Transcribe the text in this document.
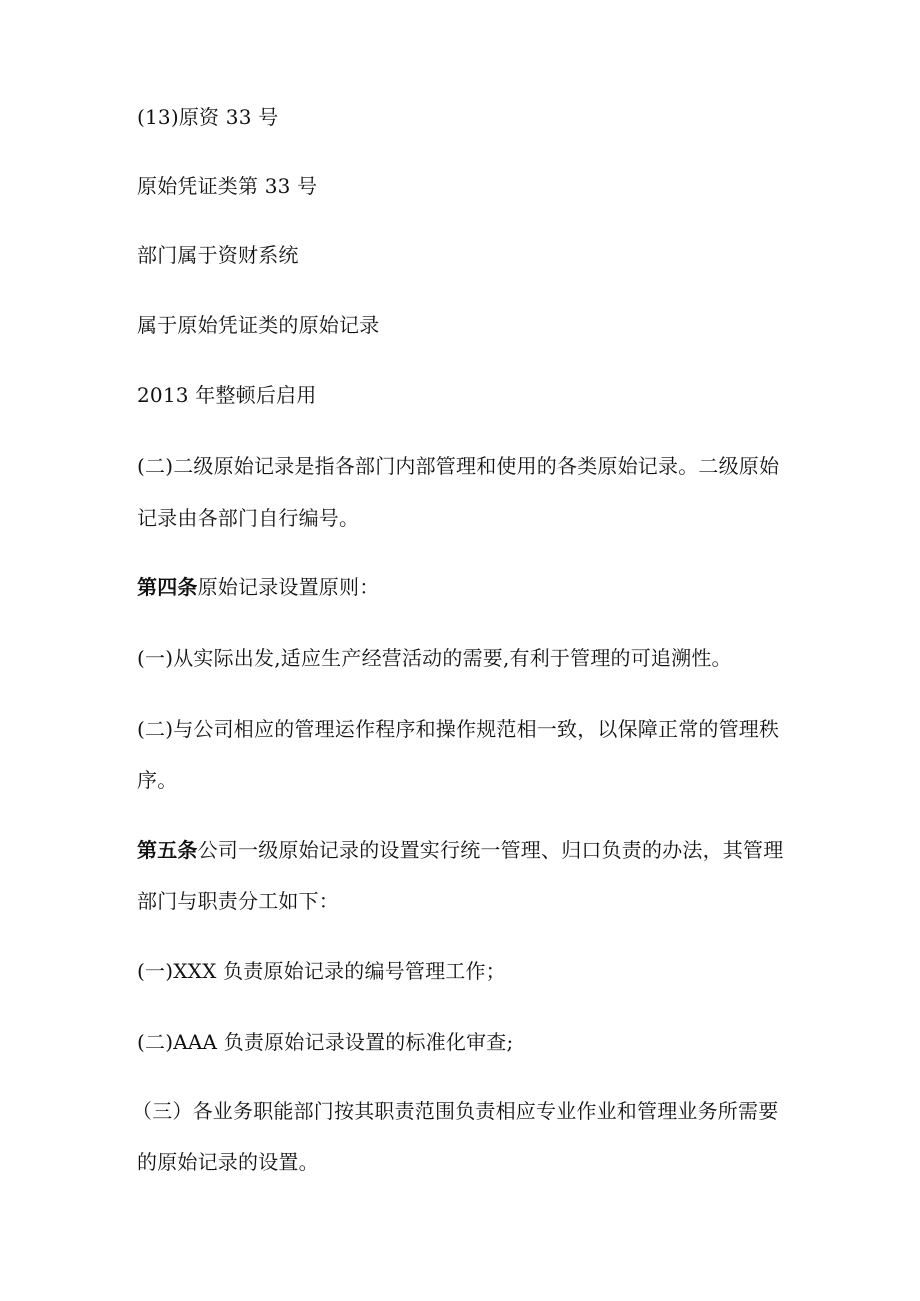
(13)原资 33 号
原始凭证类第 33 号
部门属于资财系统
属于原始凭证类的原始记录
2013 年整顿后启用
(二)二级原始记录是指各部门内部管理和使用的各类原始记录。二级原始
记录由各部门自行编号。
第四条原始记录设置原则：
(一)从实际出发,适应生产经营活动的需要,有利于管理的可追溯性。
(二)与公司相应的管理运作程序和操作规范相一致，以保障正常的管理秩
序。
第五条公司一级原始记录的设置实行统一管理、归口负责的办法，其管理
部门与职责分工如下：
(一)XXX 负责原始记录的编号管理工作；
(二)AAA 负责原始记录设置的标准化审查;
（三）各业务职能部门按其职责范围负责相应专业作业和管理业务所需要
的原始记录的设置。
